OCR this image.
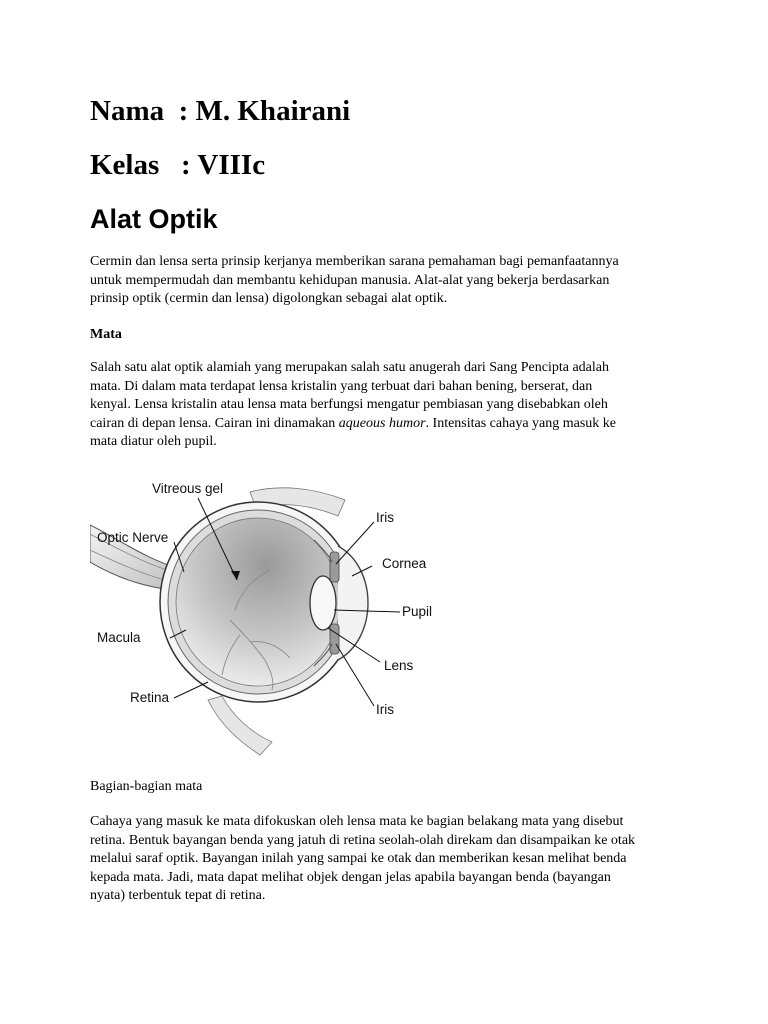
Nama  : M. Khairani
Kelas   : VIIIc
Alat Optik
Cermin dan lensa serta prinsip kerjanya memberikan sarana pemahaman bagi pemanfaatannya
untuk mempermudah dan membantu kehidupan manusia. Alat-alat yang bekerja berdasarkan
prinsip optik (cermin dan lensa) digolongkan sebagai alat optik.
Mata
Salah satu alat optik alamiah yang merupakan salah satu anugerah dari Sang Pencipta adalah
mata. Di dalam mata terdapat lensa kristalin yang terbuat dari bahan bening, berserat, dan
kenyal. Lensa kristalin atau lensa mata berfungsi mengatur pembiasan yang disebabkan oleh
cairan di depan lensa. Cairan ini dinamakan aqueous humor. Intensitas cahaya yang masuk ke
mata diatur oleh pupil.
Vitreous gel
Optic Nerve
Macula
Retina
Iris
Cornea
Pupil
Lens
Iris
Bagian-bagian mata
Cahaya yang masuk ke mata difokuskan oleh lensa mata ke bagian belakang mata yang disebut
retina. Bentuk bayangan benda yang jatuh di retina seolah-olah direkam dan disampaikan ke otak
melalui saraf optik. Bayangan inilah yang sampai ke otak dan memberikan kesan melihat benda
kepada mata. Jadi, mata dapat melihat objek dengan jelas apabila bayangan benda (bayangan
nyata) terbentuk tepat di retina.
